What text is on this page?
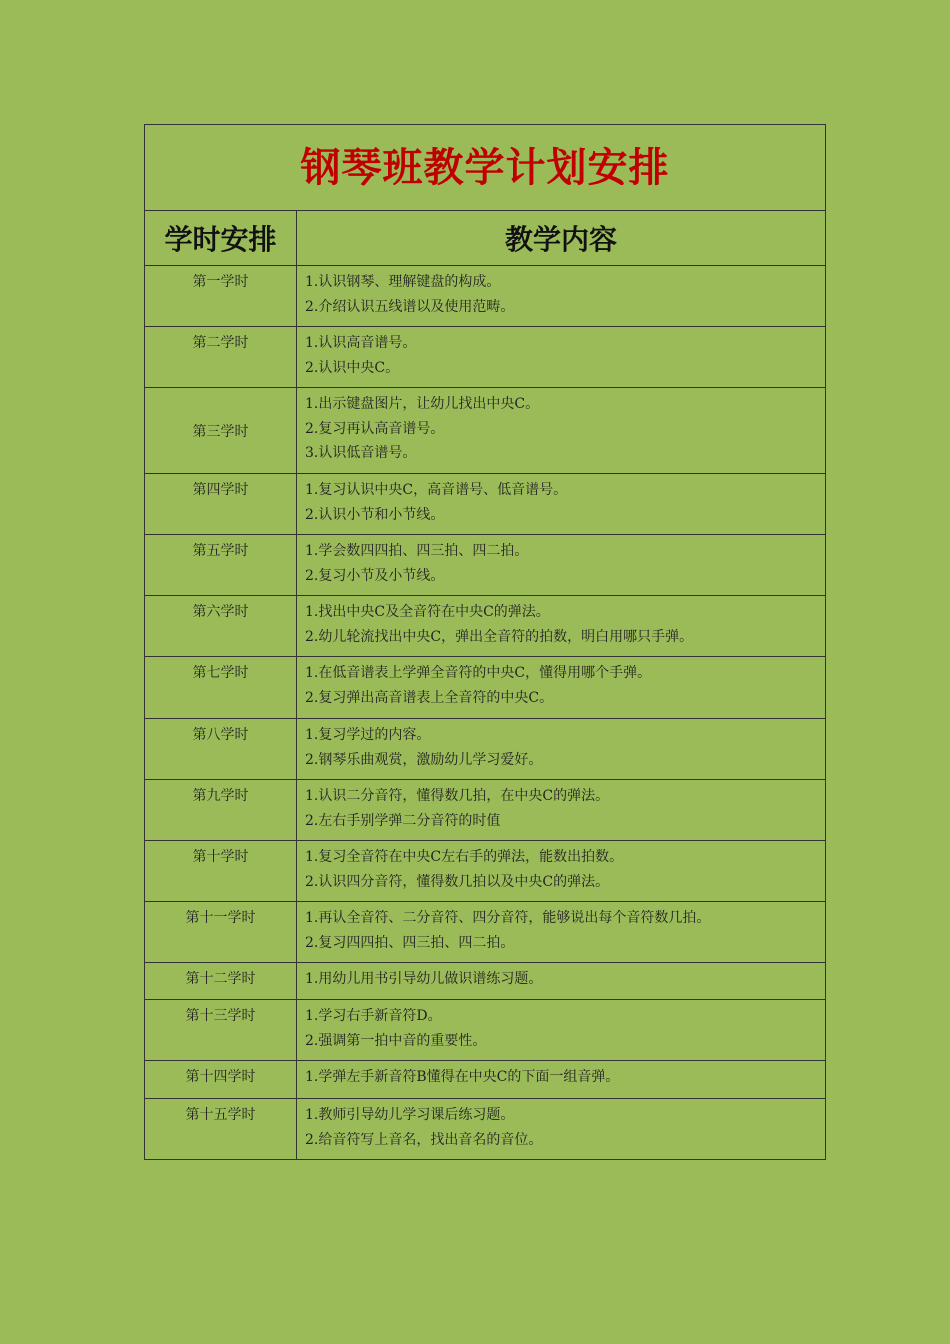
钢琴班教学计划安排	
学时安排	教学内容

第一学时	1.认识钢琴、理解键盘的构成。
2.介绍认识五线谱以及使用范畴。

第二学时	1.认识高音谱号。
2.认识中央C。

第三学时	1.出示键盘图片，让幼儿找出中央C。
2.复习再认高音谱号。
3.认识低音谱号。

第四学时	1.复习认识中央C，高音谱号、低音谱号。
2.认识小节和小节线。

第五学时	1.学会数四四拍、四三拍、四二拍。
2.复习小节及小节线。

第六学时	1.找出中央C及全音符在中央C的弹法。
2.幼儿轮流找出中央C，弹出全音符的拍数，明白用哪只手弹。

第七学时	1.在低音谱表上学弹全音符的中央C，懂得用哪个手弹。
2.复习弹出高音谱表上全音符的中央C。

第八学时	1.复习学过的内容。
2.钢琴乐曲观赏，激励幼儿学习爱好。

第九学时	1.认识二分音符，懂得数几拍，在中央C的弹法。
2.左右手别学弹二分音符的时值

第十学时	1.复习全音符在中央C左右手的弹法，能数出拍数。
2.认识四分音符，懂得数几拍以及中央C的弹法。

第十一学时	1.再认全音符、二分音符、四分音符，能够说出每个音符数几拍。
2.复习四四拍、四三拍、四二拍。

第十二学时	1.用幼儿用书引导幼儿做识谱练习题。

第十三学时	1.学习右手新音符D。
2.强调第一拍中音的重要性。

第十四学时	1.学弹左手新音符B懂得在中央C的下面一组音弹。

第十五学时	1.教师引导幼儿学习课后练习题。
2.给音符写上音名，找出音名的音位。
